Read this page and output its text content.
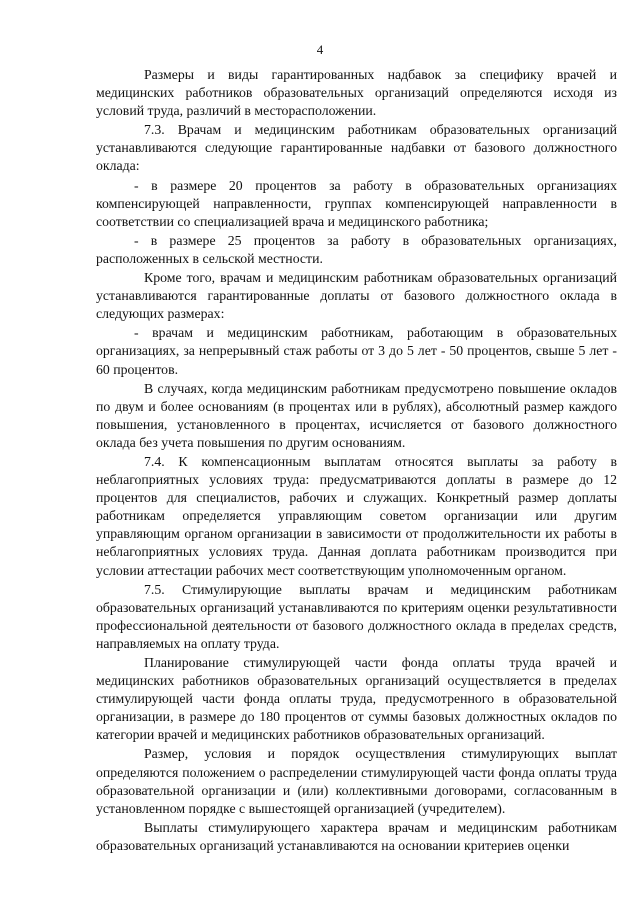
4

Размеры и виды гарантированных надбавок за специфику врачей и медицинских работников образовательных организаций определяются исходя из условий труда, различий в месторасположении.

7.3. Врачам и медицинским работникам образовательных организаций устанавливаются следующие гарантированные надбавки от базового должностного оклада:

- в размере 20 процентов за работу в образовательных организациях компенсирующей направленности, группах компенсирующей направленности в соответствии со специализацией врача и медицинского работника;

- в размере 25 процентов за работу в образовательных организациях, расположенных в сельской местности.

Кроме того, врачам и медицинским работникам образовательных организаций устанавливаются гарантированные доплаты от базового должностного оклада в следующих размерах:

- врачам и медицинским работникам, работающим в образовательных организациях, за непрерывный стаж работы от 3 до 5 лет - 50 процентов, свыше 5 лет - 60 процентов.

В случаях, когда медицинским работникам предусмотрено повышение окладов по двум и более основаниям (в процентах или в рублях), абсолютный размер каждого повышения, установленного в процентах, исчисляется от базового должностного оклада без учета повышения по другим основаниям.

7.4. К компенсационным выплатам относятся выплаты за работу в неблагоприятных условиях труда: предусматриваются доплаты в размере до 12 процентов для специалистов, рабочих и служащих. Конкретный размер доплаты работникам определяется управляющим советом организации или другим управляющим органом организации в зависимости от продолжительности их работы в неблагоприятных условиях труда. Данная доплата работникам производится при условии аттестации рабочих мест соответствующим уполномоченным органом.

7.5. Стимулирующие выплаты врачам и медицинским работникам образовательных организаций устанавливаются по критериям оценки результативности профессиональной деятельности от базового должностного оклада в пределах средств, направляемых на оплату труда.

Планирование стимулирующей части фонда оплаты труда врачей и медицинских работников образовательных организаций осуществляется в пределах стимулирующей части фонда оплаты труда, предусмотренного в образовательной организации, в размере до 180 процентов от суммы базовых должностных окладов по категории врачей и медицинских работников образовательных организаций.

Размер, условия и порядок осуществления стимулирующих выплат определяются положением о распределении стимулирующей части фонда оплаты труда образовательной организации и (или) коллективными договорами, согласованным в установленном порядке с вышестоящей организацией (учредителем).

Выплаты стимулирующего характера врачам и медицинским работникам образовательных организаций устанавливаются на основании критериев оценки
